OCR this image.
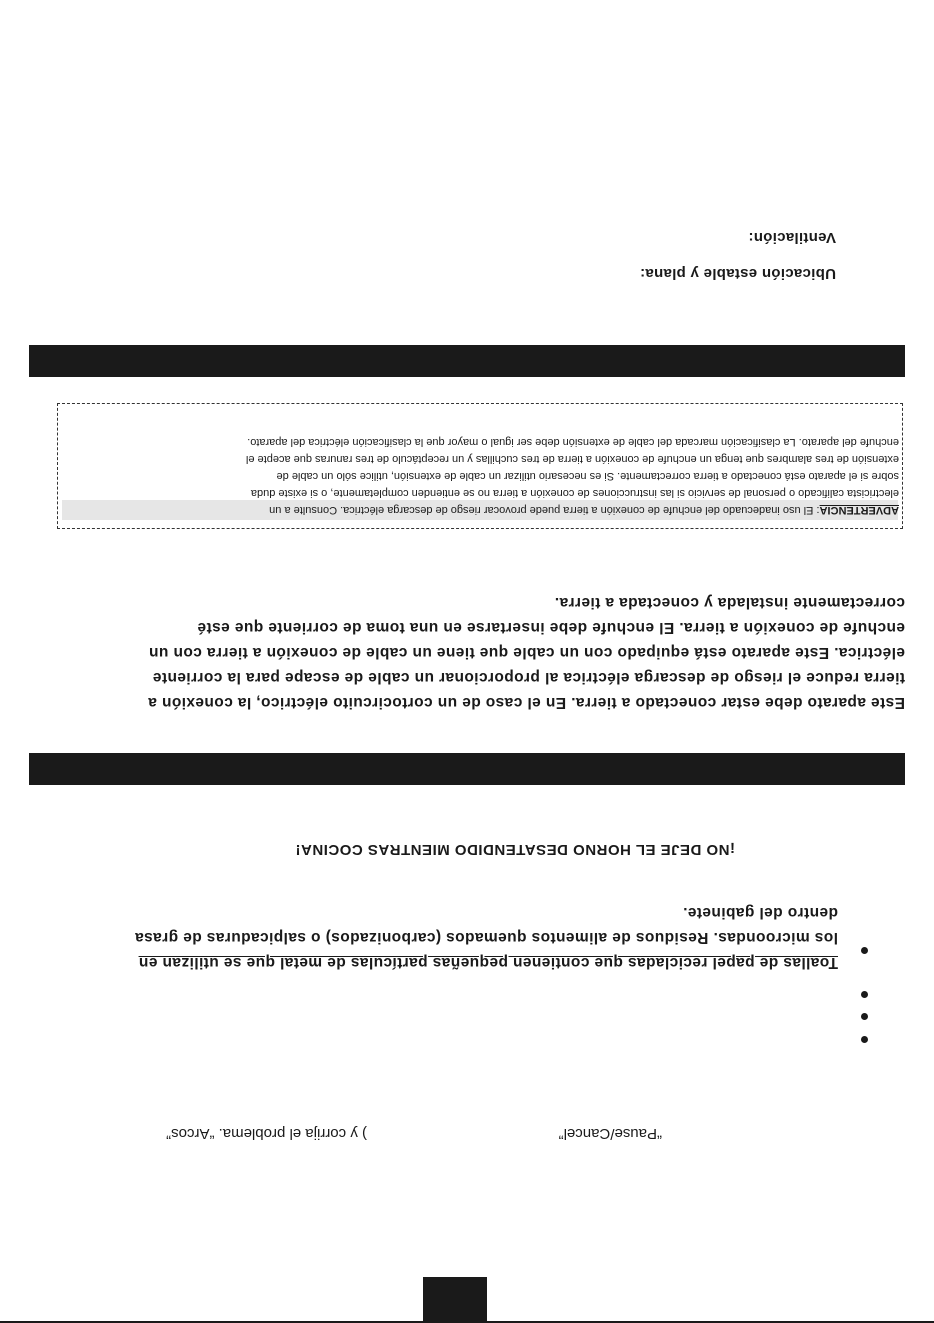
“Pause/Cancel”
) y corrija el problema. “Arcos”

Toallas de papel recicladas que contienen pequeñas partículas de metal que se utilizan en

los microondas. Residuos de alimentos quemados (carbonizados) o salpicaduras de grasa

dentro del gabinete.

¡NO DEJE EL HORNO DESATENDIDO MIENTRAS COCINA!

Este aparato debe estar conectado a tierra. En el caso de un cortocircuito eléctrico, la conexión a

tierra reduce el riesgo de descarga eléctrica al proporcionar un cable de escape para la corriente

eléctrica. Este aparato está equipado con un cable que tiene un cable de conexión a tierra con un

enchufe de conexión a tierra. El enchufe debe insertarse en una toma de corriente que esté

correctamente instalada y conectada a tierra.

ADVERTENCIA: El uso inadecuado del enchufe de conexión a tierra puede provocar riesgo de descarga eléctrica. Consulte a un

electricista calificado o personal de servicio si las instrucciones de conexión a tierra no se entienden completamente, o si existe duda

sobre si el aparato está conectado a tierra correctamente. Si es necesario utilizar un cable de extensión, utilice sólo un cable de

extensión de tres alambres que tenga un enchufe de conexión a tierra de tres cuchillas y un receptáculo de tres ranuras que acepte el

enchufe del aparato. La clasificación marcada del cable de extensión debe ser igual o mayor que la clasificación eléctrica del aparato.

Ubicación estable y plana:
Ventilación:
